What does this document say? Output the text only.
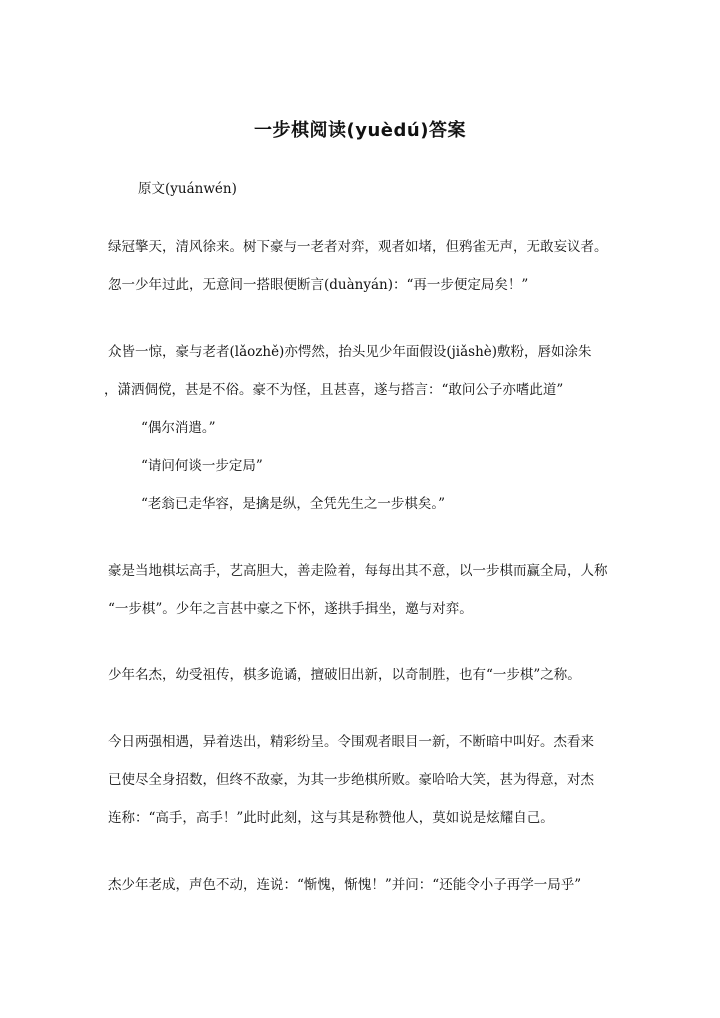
一步棋阅读(yuèdú)答案
原文(yuánwén)
绿冠擎天，清风徐来。树下豪与一老者对弈，观者如堵，但鸦雀无声，无敢妄议者。
忽一少年过此，无意间一搭眼便断言(duànyán)：“再一步便定局矣！”
众皆一惊，豪与老者(lǎozhě)亦愕然，抬头见少年面假设(jiǎshè)敷粉，唇如涂朱
，潇洒倜傥，甚是不俗。豪不为怪，且甚喜，遂与搭言：“敢问公子亦嗜此道”
“偶尔消遣。”
“请问何谈一步定局”
“老翁已走华容，是擒是纵，全凭先生之一步棋矣。”
豪是当地棋坛高手，艺高胆大，善走险着，每每出其不意，以一步棋而赢全局，人称
“一步棋”。少年之言甚中豪之下怀，遂拱手揖坐，邀与对弈。
少年名杰，幼受祖传，棋多诡谲，擅破旧出新，以奇制胜，也有“一步棋”之称。
今日两强相遇，异着迭出，精彩纷呈。令围观者眼目一新，不断暗中叫好。杰看来
已使尽全身招数，但终不敌豪，为其一步绝棋所败。豪哈哈大笑，甚为得意，对杰
连称：“高手，高手！”此时此刻，这与其是称赞他人，莫如说是炫耀自己。
杰少年老成，声色不动，连说：“惭愧，惭愧！”并问：“还能令小子再学一局乎”
